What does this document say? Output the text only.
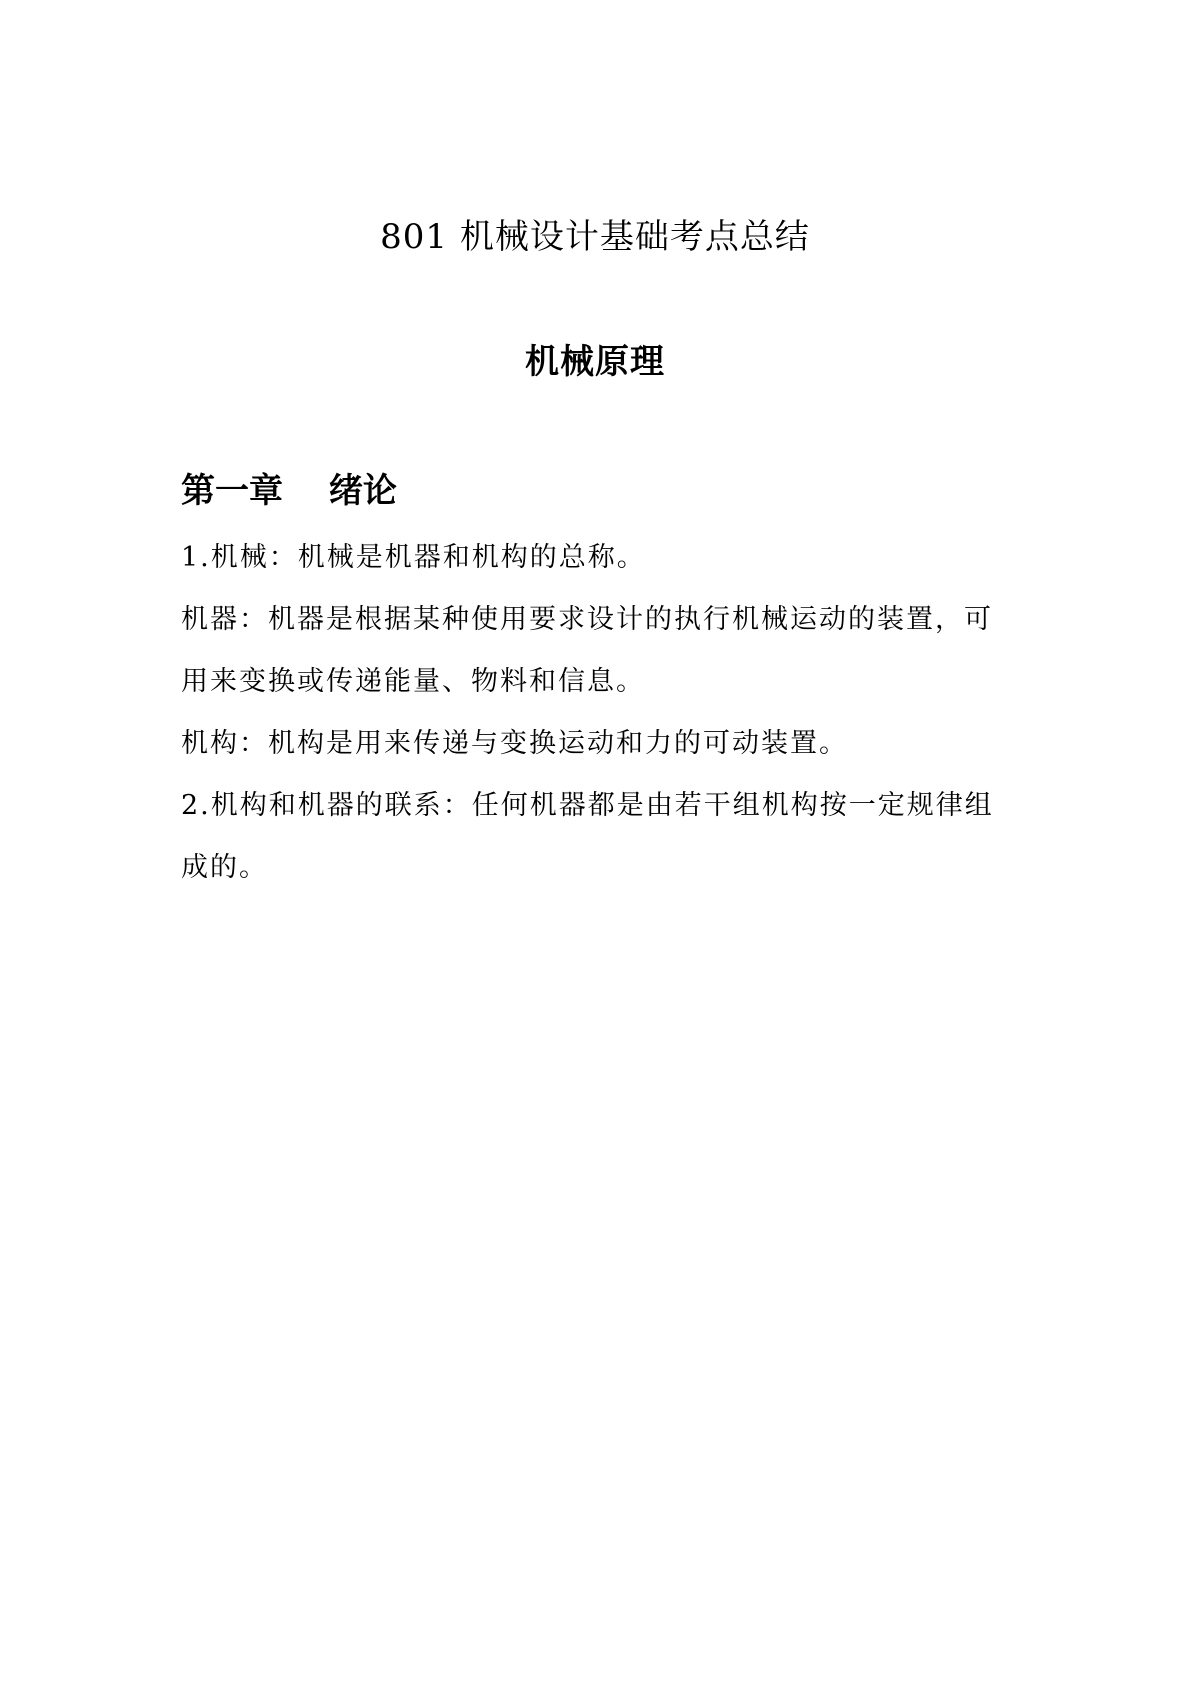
801 机械设计基础考点总结
机械原理
第一章　 绪论

1.机械：机械是机器和机构的总称。

机器：机器是根据某种使用要求设计的执行机械运动的装置，可用来变换或传递能量、物料和信息。

机构：机构是用来传递与变换运动和力的可动装置。

2.机构和机器的联系：任何机器都是由若干组机构按一定规律组成的。
